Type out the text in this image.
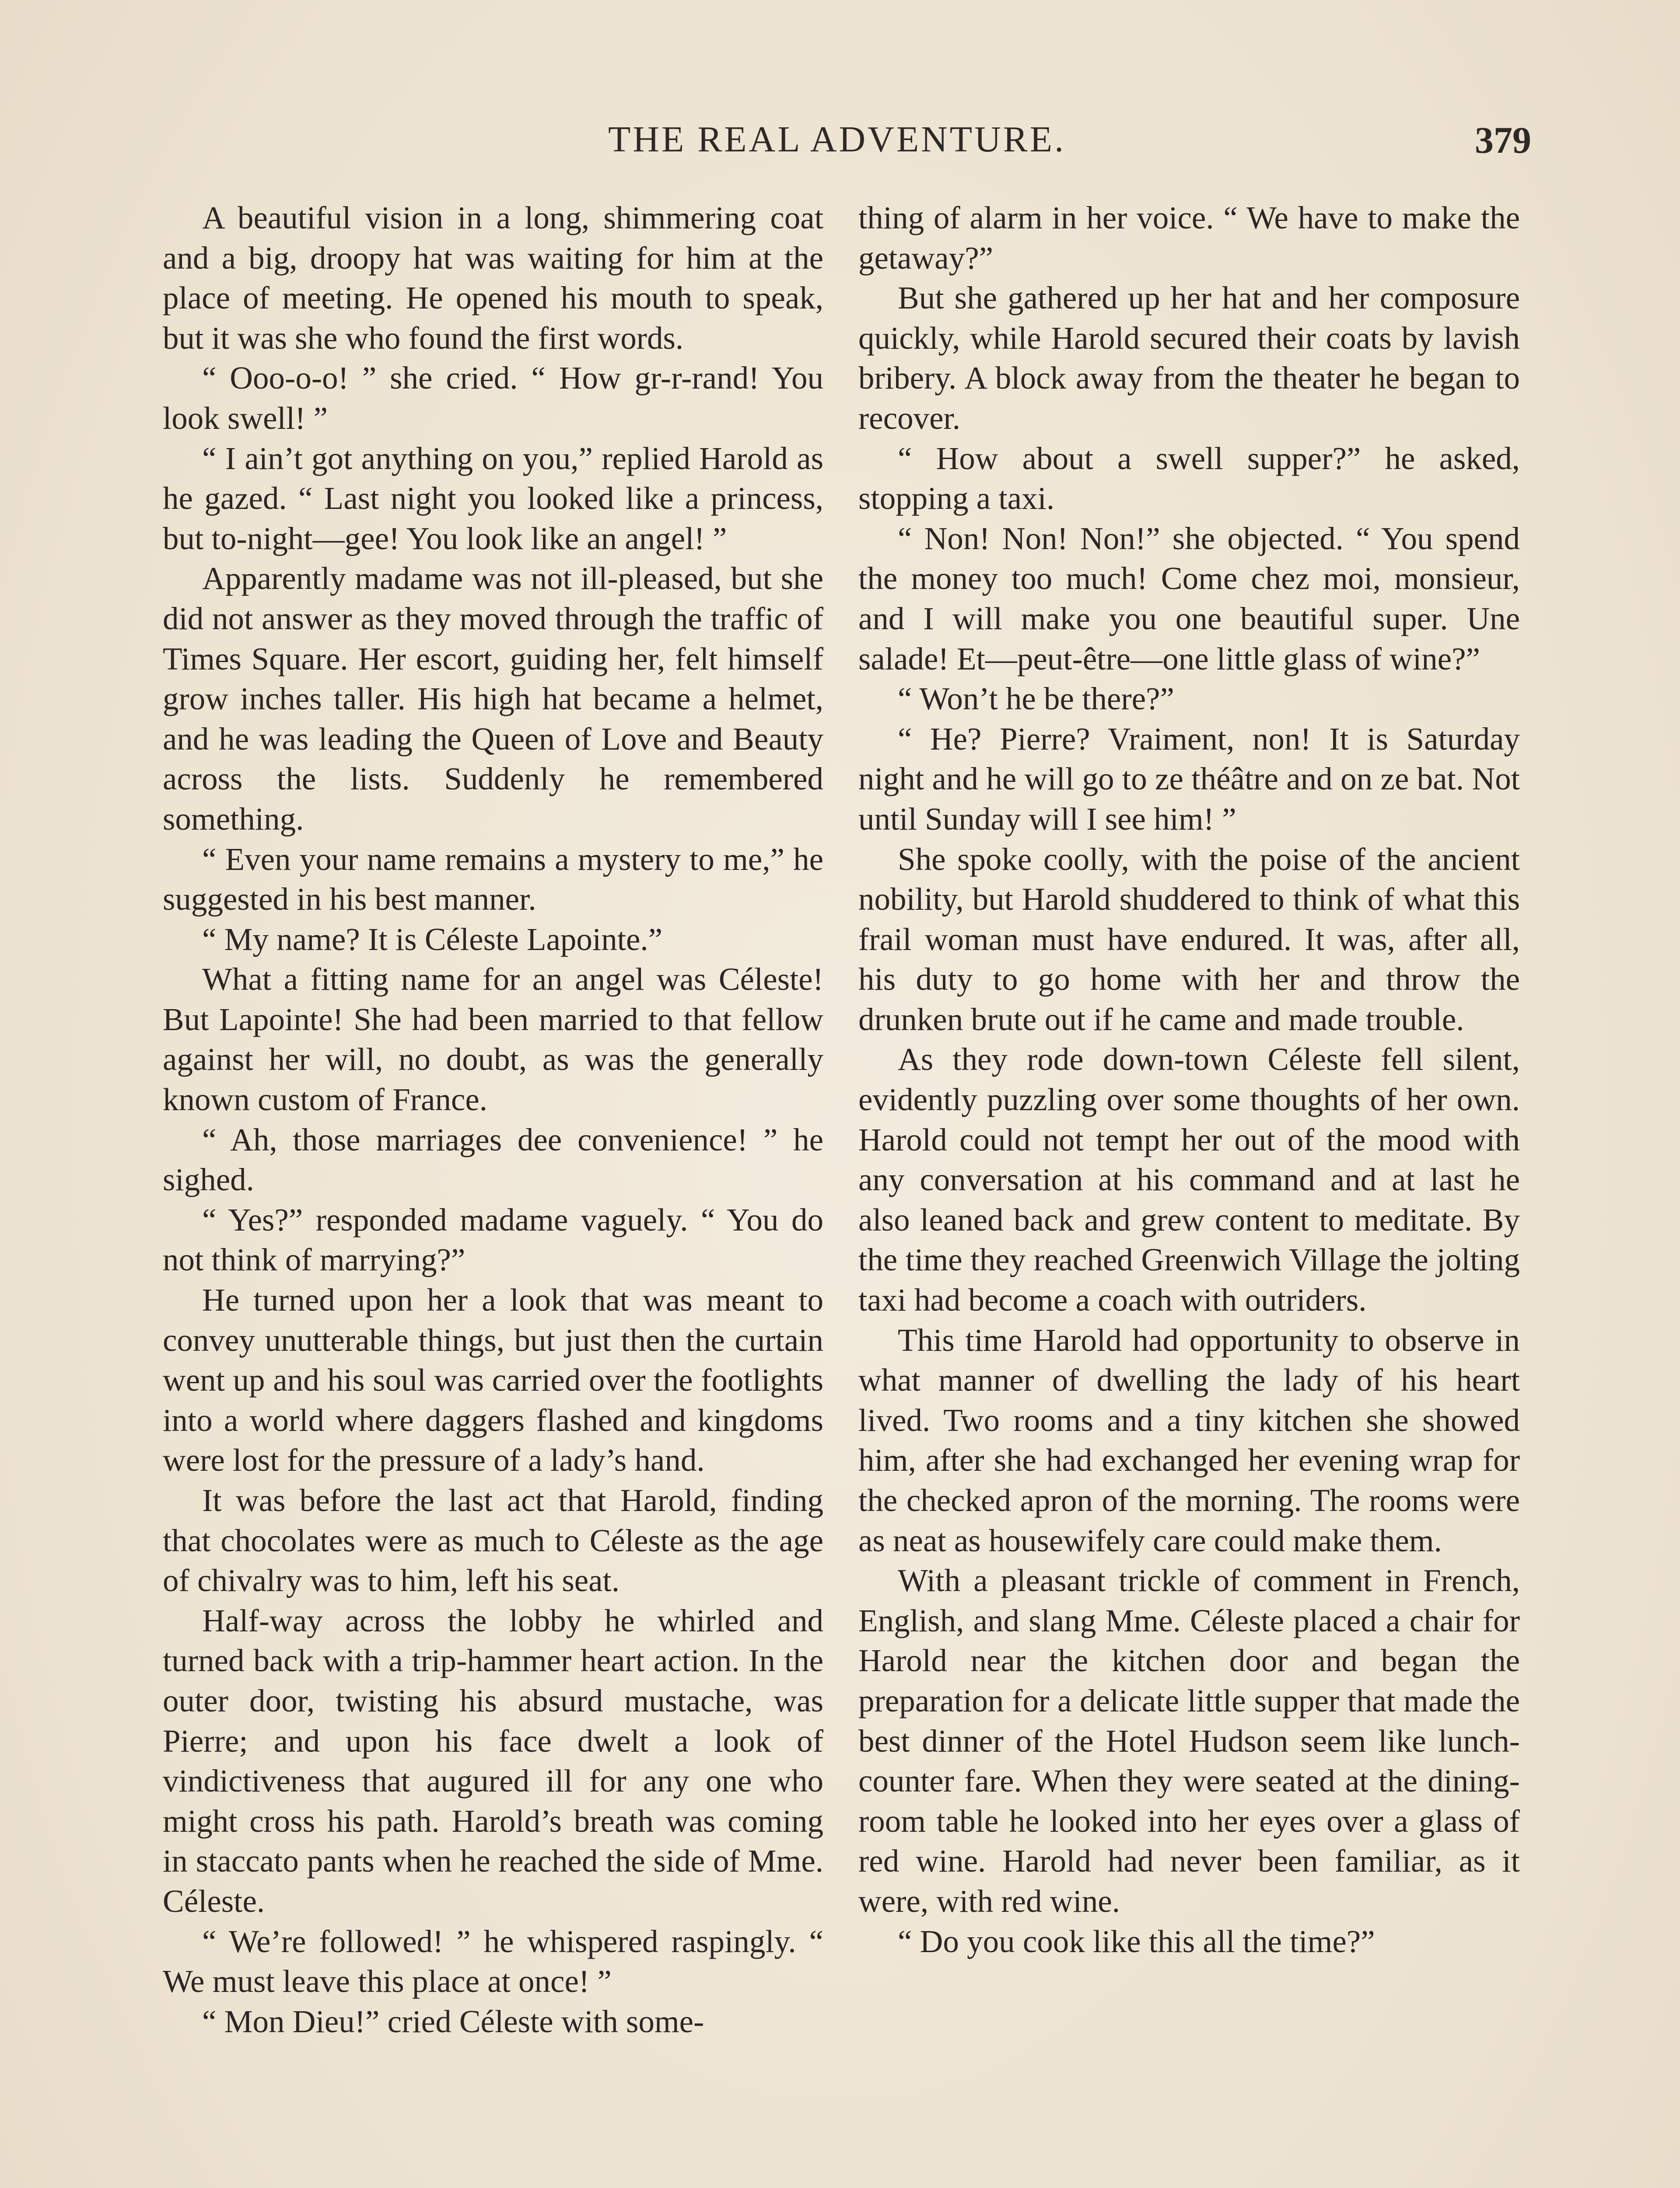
THE REAL ADVENTURE.	379

A beautiful vision in a long, shimmering coat and a big, droopy hat was waiting for him at the place of meeting. He opened his mouth to speak, but it was she who found the first words.

“ Ooo-o-o! ” she cried. “ How gr-r-rand! You look swell! ”

“ I ain’t got anything on you,” replied Harold as he gazed. “ Last night you looked like a princess, but to-night—gee! You look like an angel! ”

Apparently madame was not ill-pleased, but she did not answer as they moved through the traffic of Times Square. Her escort, guiding her, felt himself grow inches taller. His high hat became a helmet, and he was leading the Queen of Love and Beauty across the lists. Suddenly he remembered something.

“ Even your name remains a mystery to me,” he suggested in his best manner.

“ My name? It is Céleste Lapointe.”

What a fitting name for an angel was Céleste! But Lapointe! She had been married to that fellow against her will, no doubt, as was the generally known custom of France.

“ Ah, those marriages dee convenience! ” he sighed.

“ Yes?” responded madame vaguely. “ You do not think of marrying?”

He turned upon her a look that was meant to convey unutterable things, but just then the curtain went up and his soul was carried over the footlights into a world where daggers flashed and kingdoms were lost for the pressure of a lady’s hand.

It was before the last act that Harold, finding that chocolates were as much to Céleste as the age of chivalry was to him, left his seat.

Half-way across the lobby he whirled and turned back with a trip-hammer heart action. In the outer door, twisting his absurd mustache, was Pierre; and upon his face dwelt a look of vindictiveness that augured ill for any one who might cross his path. Harold’s breath was coming in staccato pants when he reached the side of Mme. Céleste.

“ We’re followed! ” he whispered raspingly. “ We must leave this place at once! ”

“ Mon Dieu!” cried Céleste with some-

thing of alarm in her voice. “ We have to make the getaway?”

But she gathered up her hat and her composure quickly, while Harold secured their coats by lavish bribery. A block away from the theater he began to recover.

“ How about a swell supper?” he asked, stopping a taxi.

“ Non! Non! Non!” she objected. “ You spend the money too much! Come chez moi, monsieur, and I will make you one beautiful super. Une salade! Et—peut-être—one little glass of wine?”

“ Won’t he be there?”

“ He? Pierre? Vraiment, non! It is Saturday night and he will go to ze théâtre and on ze bat. Not until Sunday will I see him! ”

She spoke coolly, with the poise of the ancient nobility, but Harold shuddered to think of what this frail woman must have endured. It was, after all, his duty to go home with her and throw the drunken brute out if he came and made trouble.

As they rode down-town Céleste fell silent, evidently puzzling over some thoughts of her own. Harold could not tempt her out of the mood with any conversation at his command and at last he also leaned back and grew content to meditate. By the time they reached Greenwich Village the jolting taxi had become a coach with outriders.

This time Harold had opportunity to observe in what manner of dwelling the lady of his heart lived. Two rooms and a tiny kitchen she showed him, after she had exchanged her evening wrap for the checked apron of the morning. The rooms were as neat as housewifely care could make them.

With a pleasant trickle of comment in French, English, and slang Mme. Céleste placed a chair for Harold near the kitchen door and began the preparation for a delicate little supper that made the best dinner of the Hotel Hudson seem like lunch-counter fare. When they were seated at the dining-room table he looked into her eyes over a glass of red wine. Harold had never been familiar, as it were, with red wine.

“ Do you cook like this all the time?”
